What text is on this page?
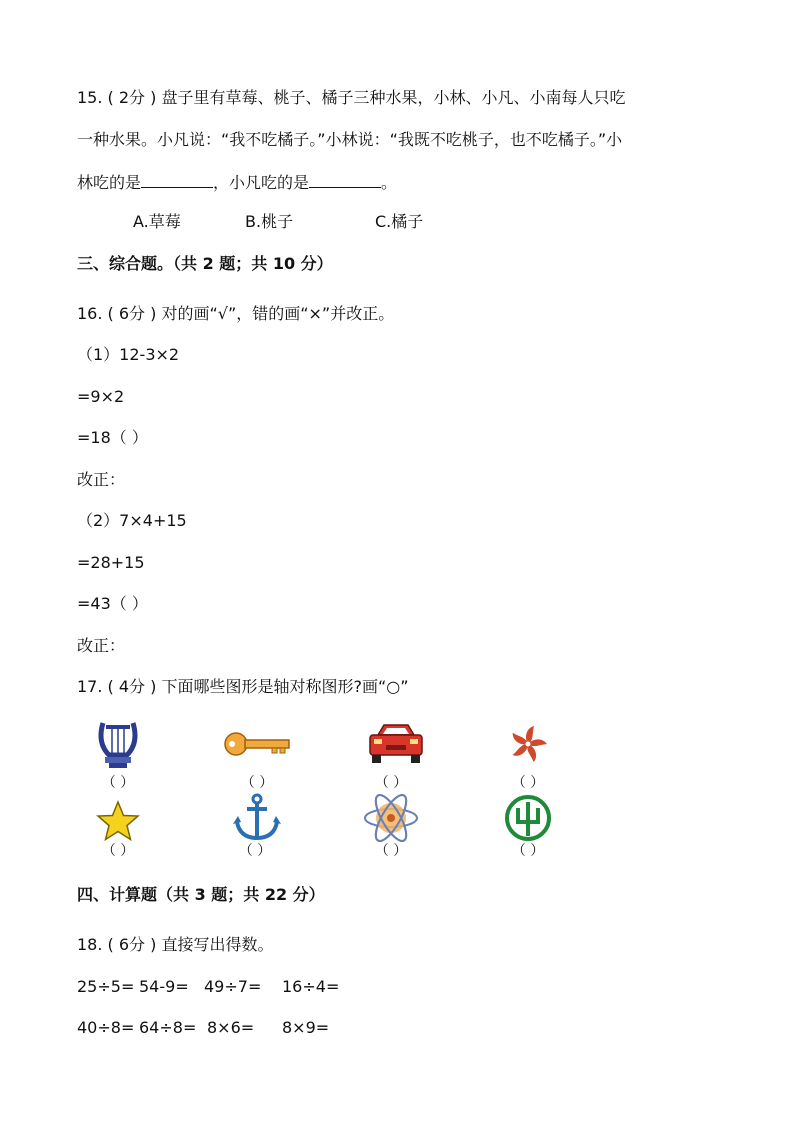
15. ( 2分 ) 盘子里有草莓、桃子、橘子三种水果，小林、小凡、小南每人只吃
一种水果。小凡说：“我不吃橘子。”小林说：“我既不吃桃子，也不吃橘子。”小
林吃的是	，小凡吃的是	。
A.草莓	B.桃子	C.橘子
三、综合题。（共 2 题；共 10 分）
16. ( 6分 ) 对的画“√”，错的画“×”并改正。
（1）12-3×2
=9×2
=18（ ）
改正：
（2）7×4+15
=28+15
=43（ ）
改正：
17. ( 4分 ) 下面哪些图形是轴对称图形?画“○”
（ ）	（ ）	（ ）	（ ）
（ ）	（ ）	（ ）	（ ）
四、计算题（共 3 题；共 22 分）
18. ( 6分 ) 直接写出得数。
25÷5= 54-9= 49÷7= 16÷4=
40÷8= 64÷8= 8×6= 8×9=
